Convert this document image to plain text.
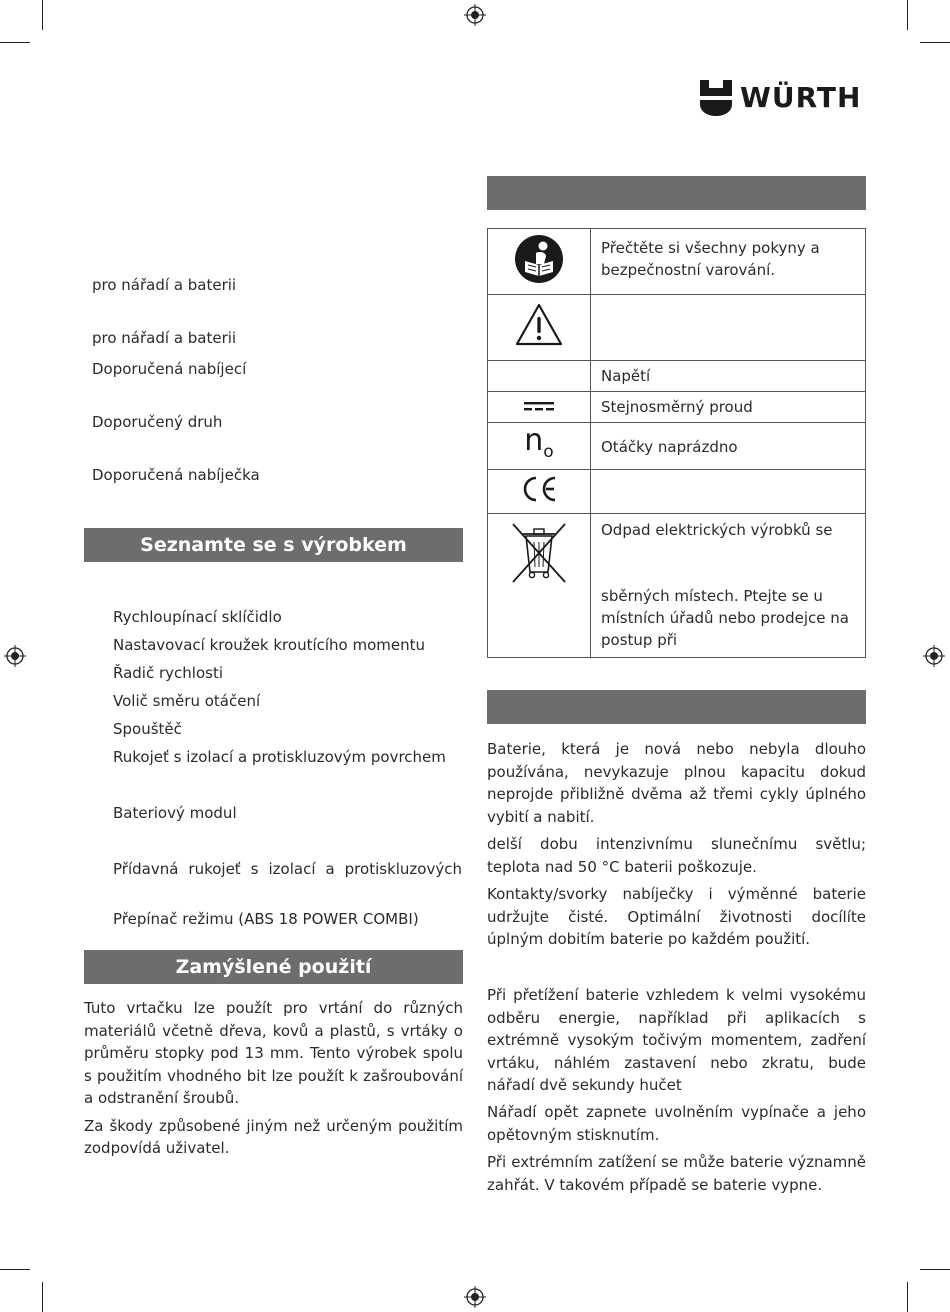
WÜRTH
pro nářadí a baterii
pro nářadí a baterii
Doporučená nabíjecí
Doporučený druh
Doporučená nabíječka
Seznamte se s výrobkem
Rychloupínací sklíčidlo
Nastavovací kroužek kroutícího momentu
Řadič rychlosti
Volič směru otáčení
Spouštěč
Rukojeť s izolací a protiskluzovým povrchem
Bateriový modul
Přídavná rukojeť s izolací a protiskluzových
Přepínač režimu (ABS 18 POWER COMBI)
Zamýšlené použití

Tuto vrtačku lze použít pro vrtání do různých materiálů včetně dřeva, kovů a plastů, s vrtáky o průměru stopky pod 13 mm. Tento výrobek spolu s použitím vhodného bit lze použít k zašroubování a odstranění šroubů.

Za škody způsobené jiným než určeným použitím zodpovídá uživatel.

	Přečtěte si všechny pokyny a bezpečnostní varování.

	Napětí
	Stejnosměrný proud
$n_o$	Otáčky naprázdno

Odpad elektrických výrobků se
sběrných místech. Ptejte se u místních úřadů nebo prodejce na postup při
Baterie, která je nová nebo nebyla dlouho používána, nevykazuje plnou kapacitu dokud neprojde přibližně dvěma až třemi cykly úplného vybití a nabití.
delší dobu intenzivnímu slunečnímu světlu; teplota nad 50 °C baterii poškozuje.
Kontakty/svorky nabíječky i výměnné baterie udržujte čisté. Optimální životnosti docílíte úplným dobitím baterie po každém použití.
Při přetížení baterie vzhledem k velmi vysokému odběru energie, například při aplikacích s extrémně vysokým točivým momentem, zadření vrtáku, náhlém zastavení nebo zkratu, bude nářadí dvě sekundy hučet
Nářadí opět zapnete uvolněním vypínače a jeho opětovným stisknutím.
Při extrémním zatížení se může baterie významně zahřát. V takovém případě se baterie vypne.
